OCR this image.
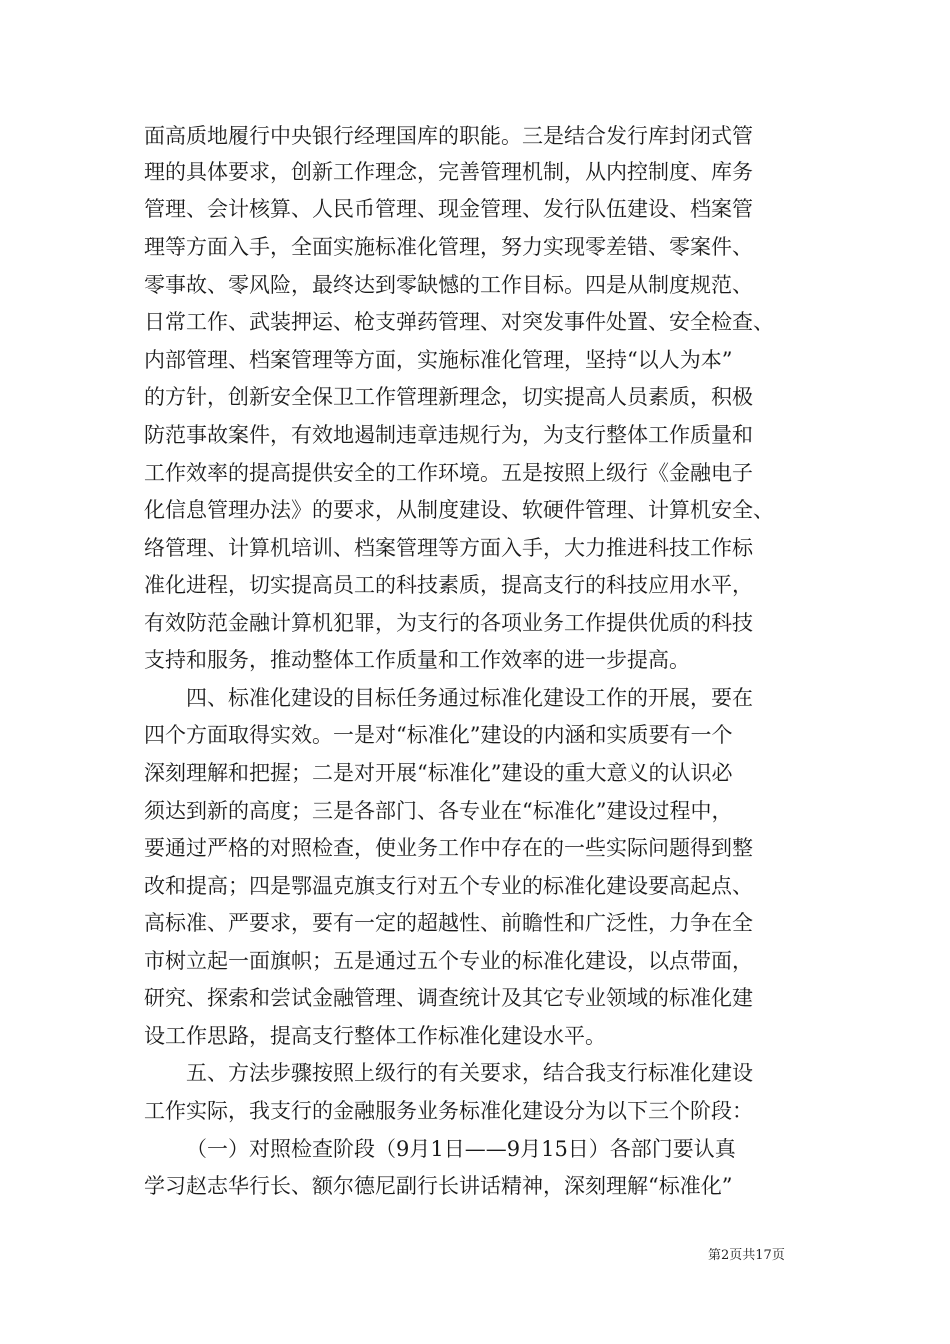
面高质地履行中央银行经理国库的职能。三是结合发行库封闭式管
理的具体要求，创新工作理念，完善管理机制，从内控制度、库务
管理、会计核算、人民币管理、现金管理、发行队伍建设、档案管
理等方面入手，全面实施标准化管理，努力实现零差错、零案件、
零事故、零风险，最终达到零缺憾的工作目标。四是从制度规范、
日常工作、武装押运、枪支弹药管理、对突发事件处置、安全检查、
内部管理、档案管理等方面，实施标准化管理，坚持“以人为本”
的方针，创新安全保卫工作管理新理念，切实提高人员素质，积极
防范事故案件，有效地遏制违章违规行为，为支行整体工作质量和
工作效率的提高提供安全的工作环境。五是按照上级行《金融电子
化信息管理办法》的要求，从制度建设、软硬件管理、计算机安全、
络管理、计算机培训、档案管理等方面入手，大力推进科技工作标
准化进程，切实提高员工的科技素质，提高支行的科技应用水平，
有效防范金融计算机犯罪，为支行的各项业务工作提供优质的科技
支持和服务，推动整体工作质量和工作效率的进一步提高。
四、标准化建设的目标任务通过标准化建设工作的开展，要在
四个方面取得实效。一是对“标准化”建设的内涵和实质要有一个
深刻理解和把握；二是对开展“标准化”建设的重大意义的认识必
须达到新的高度；三是各部门、各专业在“标准化”建设过程中，
要通过严格的对照检查，使业务工作中存在的一些实际问题得到整
改和提高；四是鄂温克旗支行对五个专业的标准化建设要高起点、
高标准、严要求，要有一定的超越性、前瞻性和广泛性，力争在全
市树立起一面旗帜；五是通过五个专业的标准化建设，以点带面，
研究、探索和尝试金融管理、调查统计及其它专业领域的标准化建
设工作思路，提高支行整体工作标准化建设水平。
五、方法步骤按照上级行的有关要求，结合我支行标准化建设
工作实际，我支行的金融服务业务标准化建设分为以下三个阶段：
（一）对照检查阶段（9月1日——9月15日）各部门要认真
学习赵志华行长、额尔德尼副行长讲话精神，深刻理解“标准化”
第2页共17页
